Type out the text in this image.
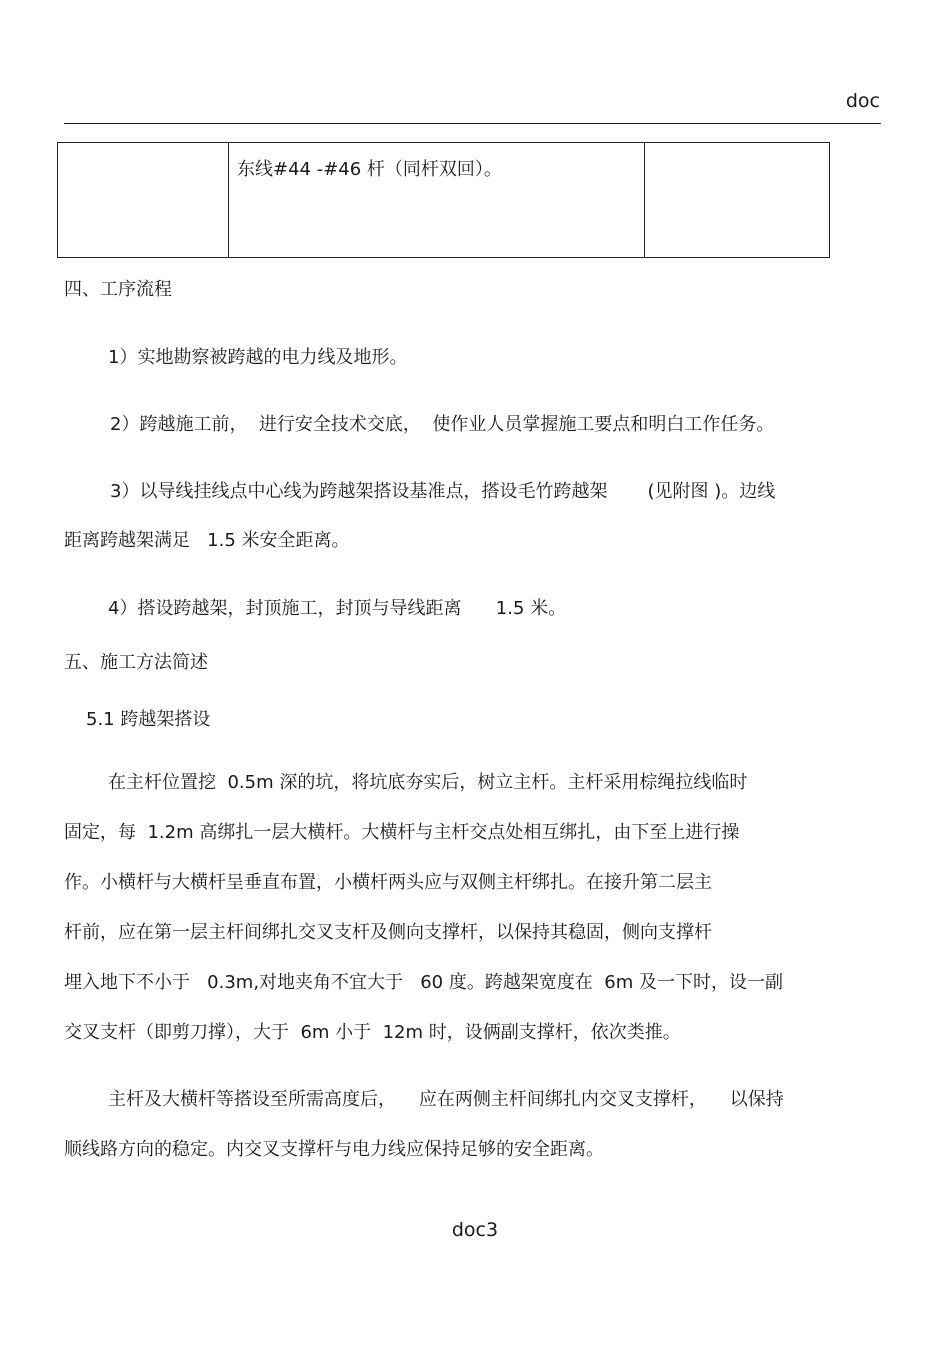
doc

东线#44 -#46 杆（同杆双回）。

四、工序流程
1）实地勘察被跨越的电力线及地形。
2）跨越施工前，  进行安全技术交底，  使作业人员掌握施工要点和明白工作任务。
3）以导线挂线点中心线为跨越架搭设基准点，搭设毛竹跨越架       (见附图 )。边线
距离跨越架满足   1.5 米安全距离。
4）搭设跨越架，封顶施工，封顶与导线距离      1.5 米。
五、施工方法简述
5.1 跨越架搭设
在主杆位置挖  0.5m 深的坑，将坑底夯实后，树立主杆。主杆采用棕绳拉线临时
固定，每  1.2m 高绑扎一层大横杆。大横杆与主杆交点处相互绑扎，由下至上进行操
作。小横杆与大横杆呈垂直布置，小横杆两头应与双侧主杆绑扎。在接升第二层主
杆前，应在第一层主杆间绑扎交叉支杆及侧向支撑杆，以保持其稳固，侧向支撑杆
埋入地下不小于   0.3m,对地夹角不宜大于   60 度。跨越架宽度在  6m 及一下时，设一副
交叉支杆（即剪刀撑），大于  6m 小于  12m 时，设俩副支撑杆，依次类推。
主杆及大横杆等搭设至所需高度后，    应在两侧主杆间绑扎内交叉支撑杆，    以保持
顺线路方向的稳定。内交叉支撑杆与电力线应保持足够的安全距离。
doc3
